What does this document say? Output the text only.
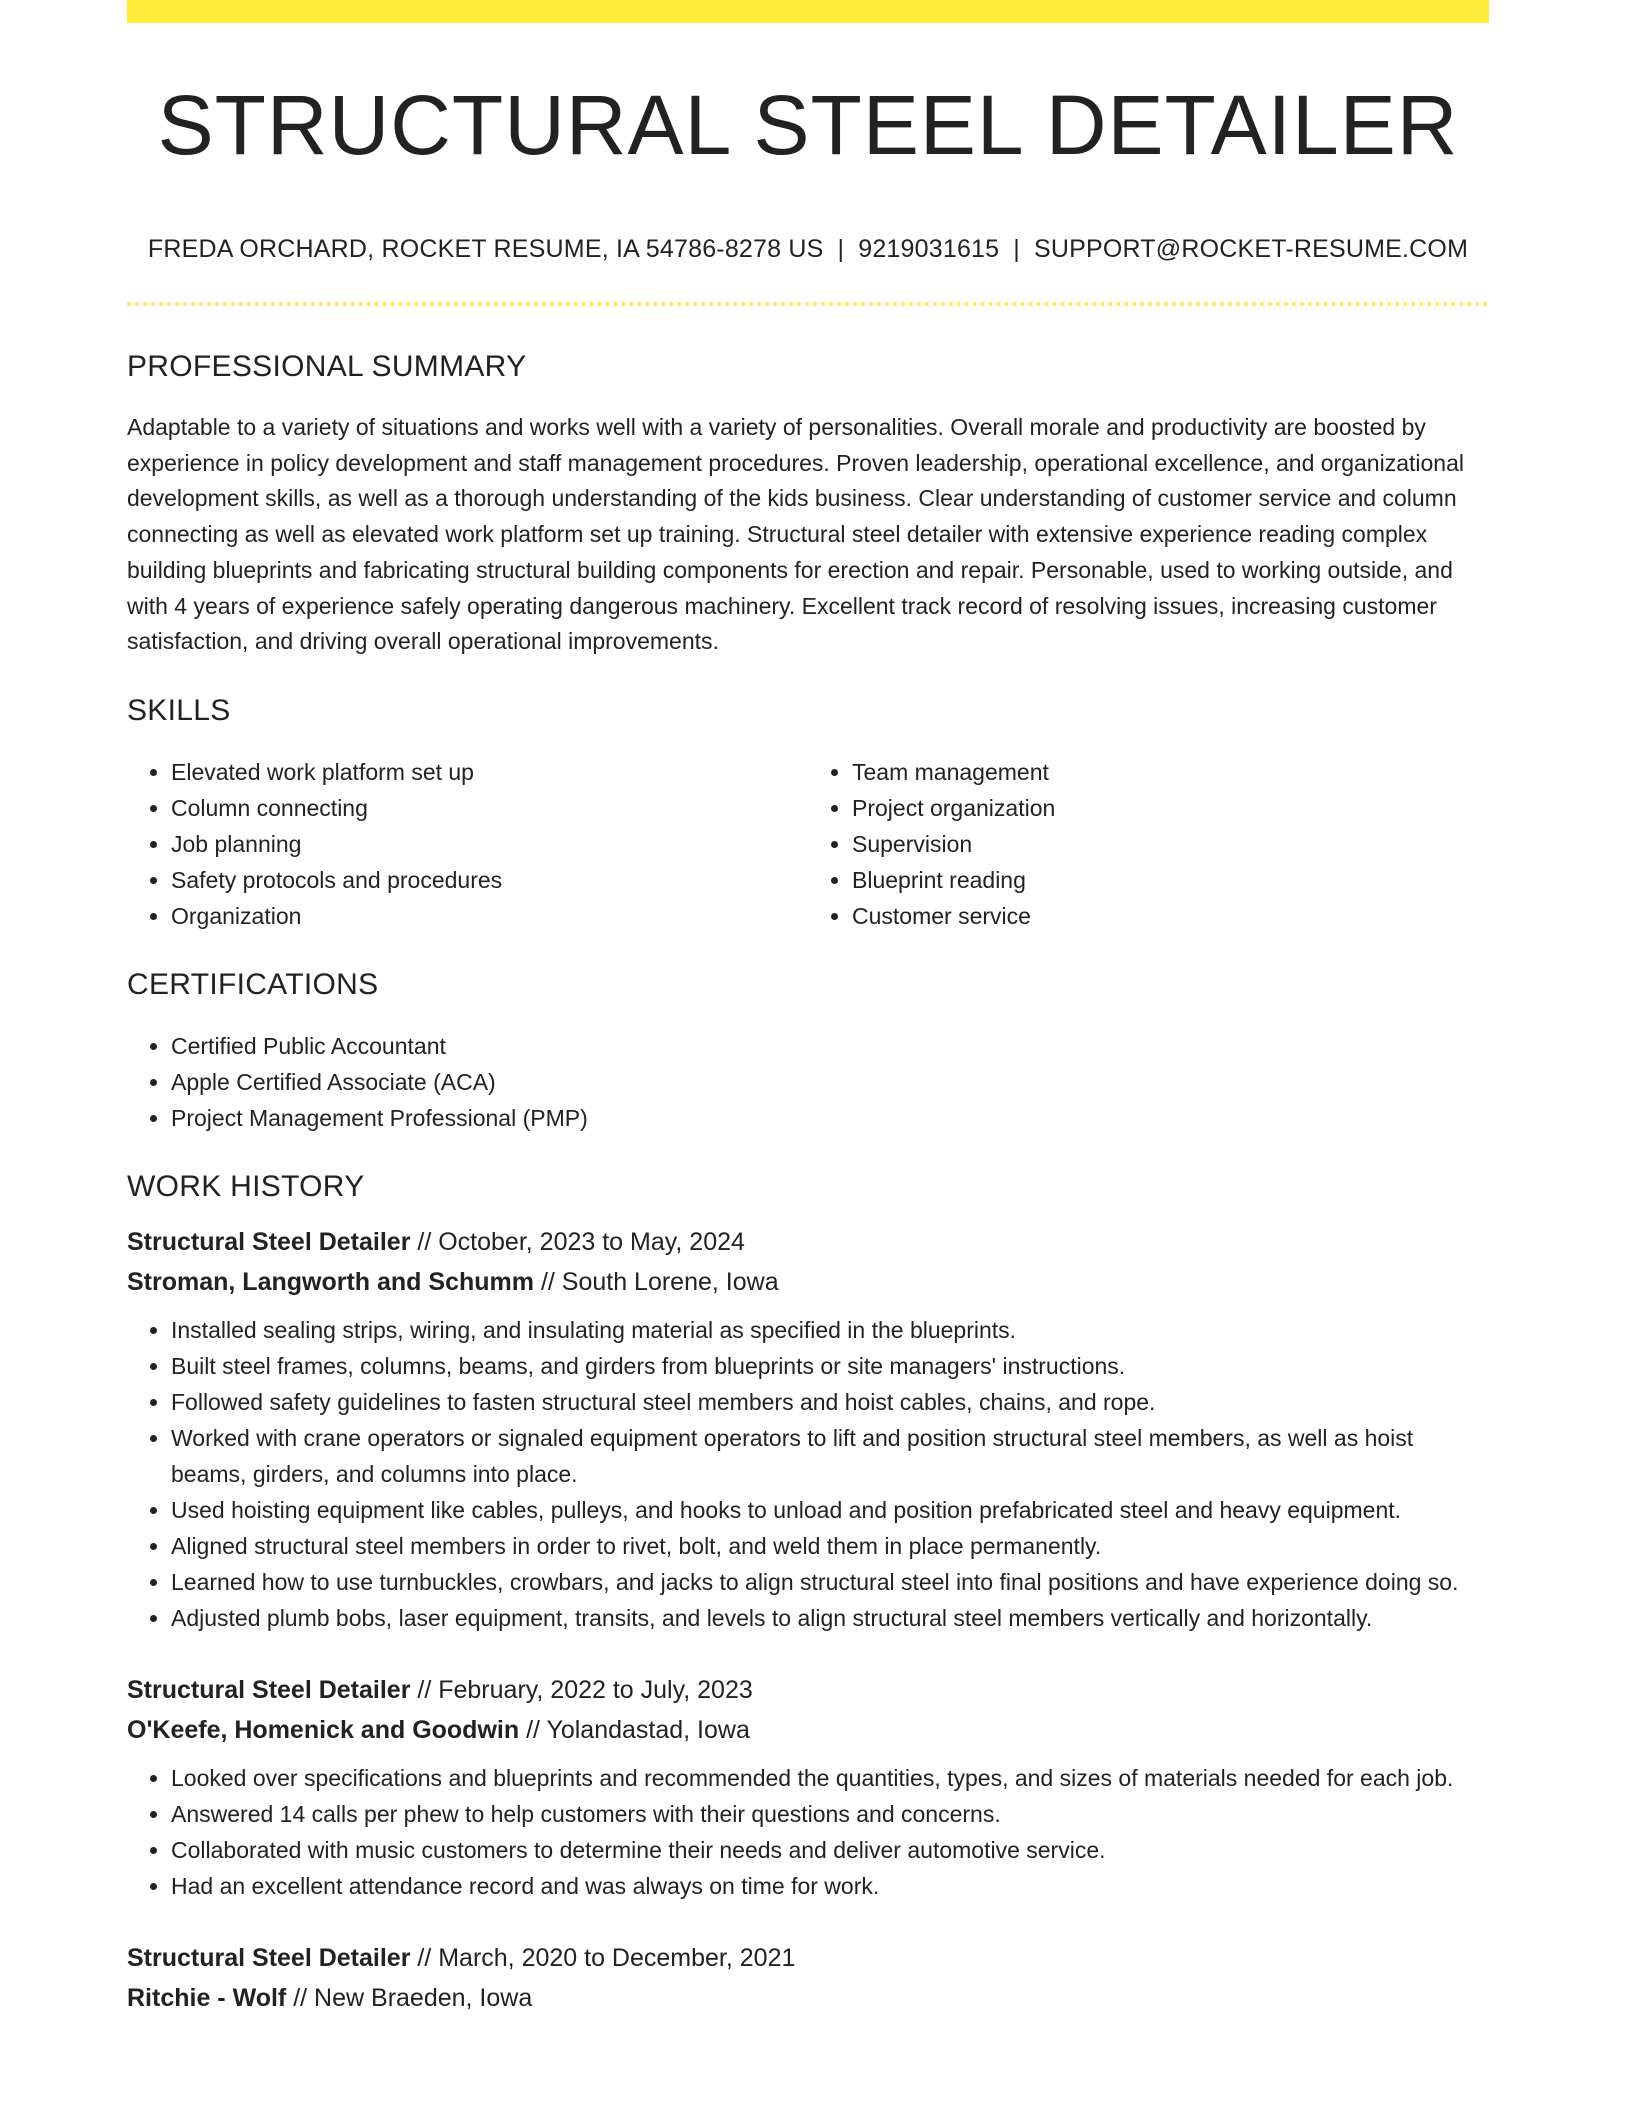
STRUCTURAL STEEL DETAILER
FREDA ORCHARD, ROCKET RESUME, IA 54786-8278 US | 9219031615 | SUPPORT@ROCKET-RESUME.COM
PROFESSIONAL SUMMARY

Adaptable to a variety of situations and works well with a variety of personalities. Overall morale and productivity are boosted by experience in policy development and staff management procedures. Proven leadership, operational excellence, and organizational development skills, as well as a thorough understanding of the kids business. Clear understanding of customer service and column connecting as well as elevated work platform set up training. Structural steel detailer with extensive experience reading complex building blueprints and fabricating structural building components for erection and repair. Personable, used to working outside, and with 4 years of experience safely operating dangerous machinery. Excellent track record of resolving issues, increasing customer satisfaction, and driving overall operational improvements.

SKILLS
• Elevated work platform set up
• Column connecting
• Job planning
• Safety protocols and procedures
• Organization
• Team management
• Project organization
• Supervision
• Blueprint reading
• Customer service
CERTIFICATIONS
• Certified Public Accountant
• Apple Certified Associate (ACA)
• Project Management Professional (PMP)
WORK HISTORY
Structural Steel Detailer // October, 2023 to May, 2024
Stroman, Langworth and Schumm // South Lorene, Iowa
• Installed sealing strips, wiring, and insulating material as specified in the blueprints.
• Built steel frames, columns, beams, and girders from blueprints or site managers' instructions.
• Followed safety guidelines to fasten structural steel members and hoist cables, chains, and rope.
• Worked with crane operators or signaled equipment operators to lift and position structural steel members, as well as hoist beams, girders, and columns into place.
• Used hoisting equipment like cables, pulleys, and hooks to unload and position prefabricated steel and heavy equipment.
• Aligned structural steel members in order to rivet, bolt, and weld them in place permanently.
• Learned how to use turnbuckles, crowbars, and jacks to align structural steel into final positions and have experience doing so.
• Adjusted plumb bobs, laser equipment, transits, and levels to align structural steel members vertically and horizontally.
Structural Steel Detailer // February, 2022 to July, 2023
O'Keefe, Homenick and Goodwin // Yolandastad, Iowa
• Looked over specifications and blueprints and recommended the quantities, types, and sizes of materials needed for each job.
• Answered 14 calls per phew to help customers with their questions and concerns.
• Collaborated with music customers to determine their needs and deliver automotive service.
• Had an excellent attendance record and was always on time for work.
Structural Steel Detailer // March, 2020 to December, 2021
Ritchie - Wolf // New Braeden, Iowa
